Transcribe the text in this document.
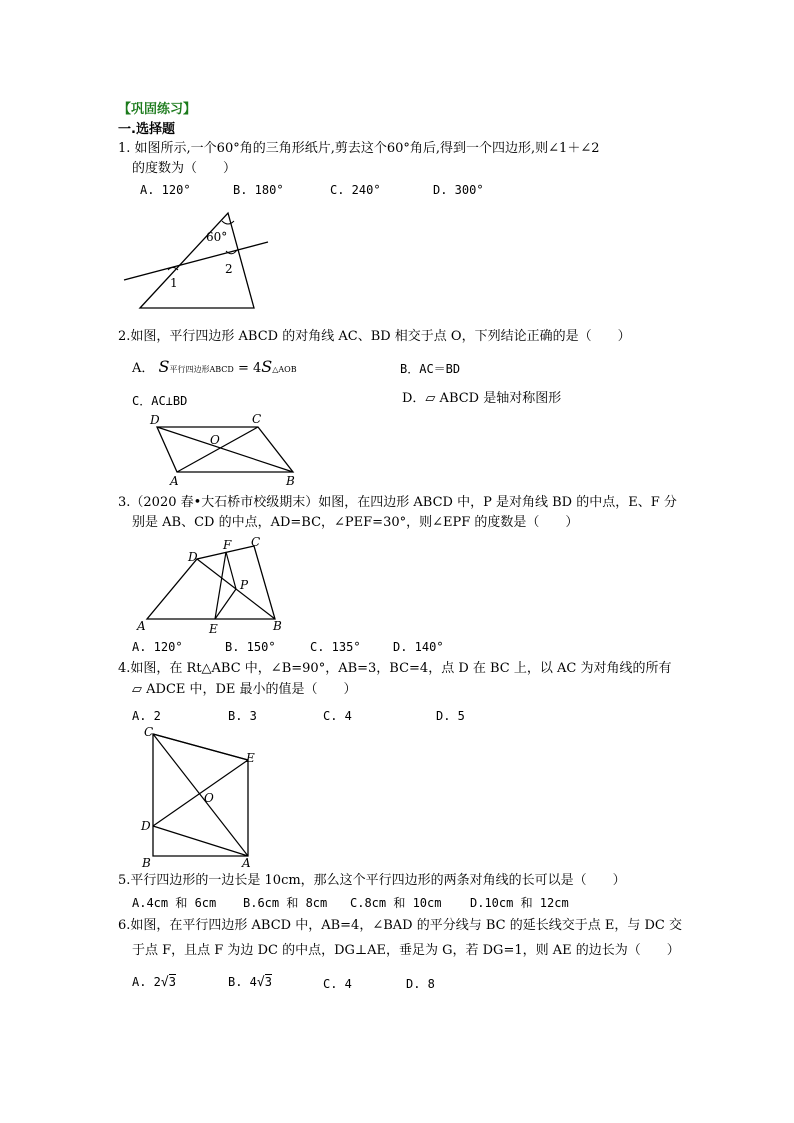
【巩固练习】
一.选择题
1. 如图所示,一个60°角的三角形纸片,剪去这个60°角后,得到一个四边形,则∠1＋∠2
的度数为（　　）
A. 120°	B. 180°	C. 240°	D. 300°
60°
1
2
2.如图，平行四边形 ABCD 的对角线 AC、BD 相交于点 O，下列结论正确的是（　　）
A． S平行四边形ABCD = 4S△AOB	B．AC＝BD
C．AC⊥BD	D．▱ ABCD 是轴对称图形
D	C
O
A	B
3.（2020 春•大石桥市校级期末）如图，在四边形 ABCD 中，P 是对角线 BD 的中点，E、F 分
别是 AB、CD 的中点，AD=BC，∠PEF=30°，则∠EPF 的度数是（　　）
D
F C
P
A	E	B
A. 120°	B. 150°	C. 135°	D. 140°
4.如图，在 Rt△ABC 中，∠B=90°，AB=3，BC=4，点 D 在 BC 上，以 AC 为对角线的所有
▱ ADCE 中，DE 最小的值是（　　）
A. 2	B. 3	C. 4	D. 5
C
E
O
D
B	A
5.平行四边形的一边长是 10cm，那么这个平行四边形的两条对角线的长可以是（　　）
A.4cm 和 6cm B.6cm 和 8cm C.8cm 和 10cm D.10cm 和 12cm
6.如图，在平行四边形 ABCD 中，AB=4，∠BAD 的平分线与 BC 的延长线交于点 E，与 DC 交
于点 F，且点 F 为边 DC 的中点，DG⊥AE，垂足为 G，若 DG=1，则 AE 的边长为（　　）
A. 2√3	B. 4√3	C. 4	D. 8
